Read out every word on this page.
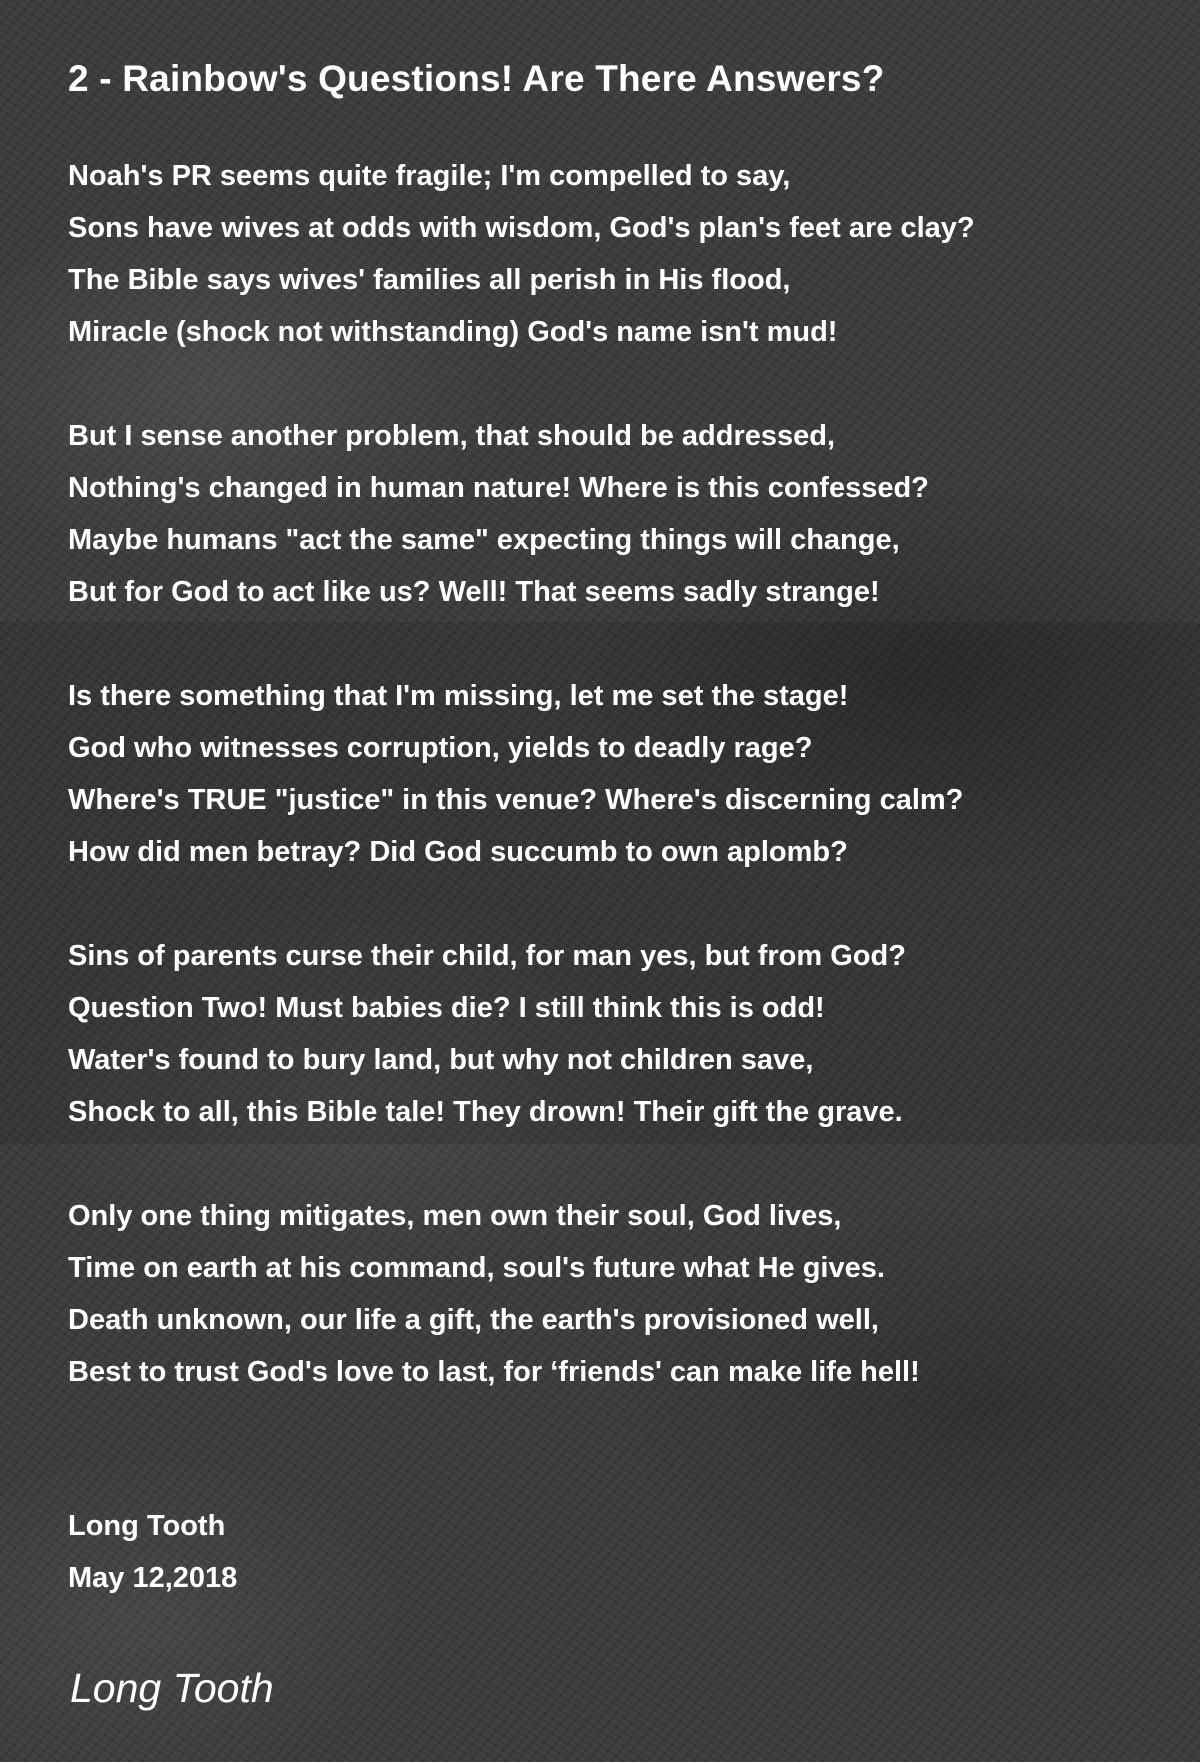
2 - Rainbow's Questions! Are There Answers?
Noah's PR seems quite fragile; I'm compelled to say,
Sons have wives at odds with wisdom, God's plan's feet are clay?
The Bible says wives' families all perish in His flood,
Miracle (shock not withstanding) God's name isn't mud!
But I sense another problem, that should be addressed,
Nothing's changed in human nature! Where is this confessed?
Maybe humans "act the same" expecting things will change,
But for God to act like us? Well! That seems sadly strange!
Is there something that I'm missing, let me set the stage!
God who witnesses corruption, yields to deadly rage?
Where's TRUE "justice" in this venue? Where's discerning calm?
How did men betray? Did God succumb to own aplomb?
Sins of parents curse their child, for man yes, but from God?
Question Two! Must babies die? I still think this is odd!
Water's found to bury land, but why not children save,
Shock to all, this Bible tale! They drown! Their gift the grave.
Only one thing mitigates, men own their soul, God lives,
Time on earth at his command, soul's future what He gives.
Death unknown, our life a gift, the earth's provisioned well,
Best to trust God's love to last, for ‘friends' can make life hell!
Long Tooth
May 12,2018
Long Tooth
